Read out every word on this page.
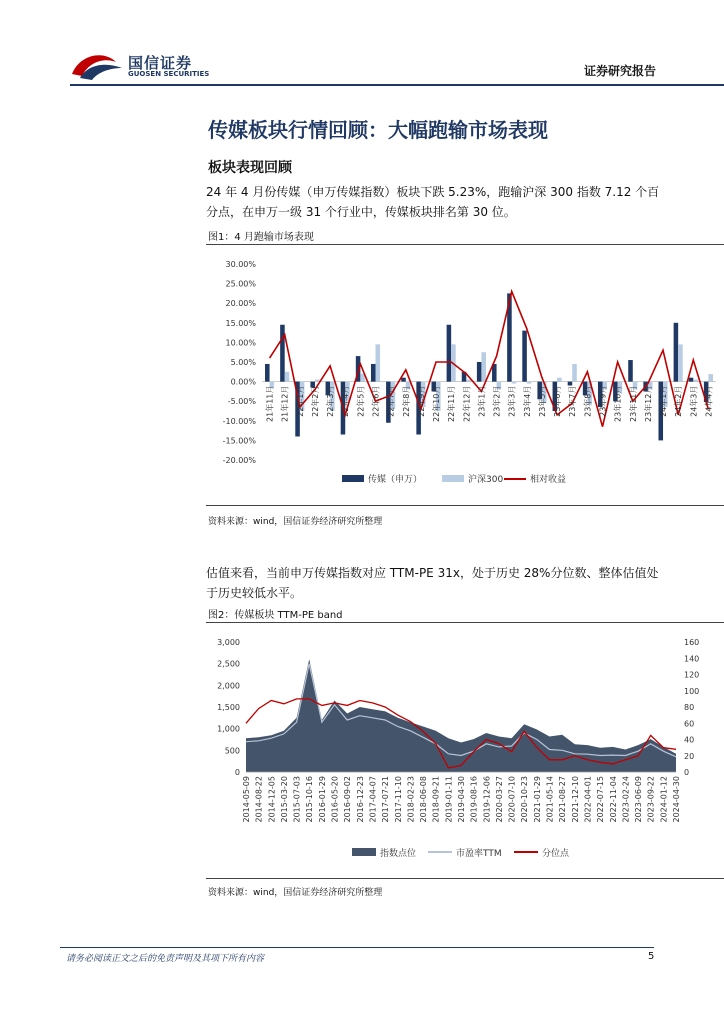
国信证券
GUOSEN SECURITIES	证券研究报告
传媒板块行情回顾：大幅跑输市场表现
板块表现回顾
24 年 4 月份传媒（申万传媒指数）板块下跌 5.23%，跑输沪深 300 指数 7.12 个百分点，在申万一级 31 个行业中，传媒板块排名第 30 位。
图1：4 月跑输市场表现
30.00%
25.00%
20.00%
15.00%
10.00%
5.00%
0.00%
-5.00%
-10.00%
-15.00%
-20.00%
21年11月 21年12月 22年1月 22年2月 22年3月 22年4月 22年5月 22年6月 22年7月 22年8月 22年9月 22年10月 22年11月 22年12月 23年1月 23年2月 23年3月 23年4月 23年5月 23年6月 23年7月 23年8月 23年9月 23年10月 23年11月 23年12月 24年1月 24年2月 24年3月 24年4月
传媒（申万）	沪深300	相对收益
资料来源：wind，国信证券经济研究所整理
估值来看，当前申万传媒指数对应 TTM-PE 31x，处于历史 28%分位数、整体估值处于历史较低水平。
图2：传媒板块 TTM-PE band
3,000
2,500
2,000
1,500
1,000
500
0
160
140
120
100
80
60
40
20
0
2014-05-09 2014-08-22 2014-12-05 2015-03-20 2015-07-03 2015-10-16 2016-01-29 2016-05-20 2016-09-02 2016-12-23 2017-04-07 2017-07-21 2017-11-10 2018-02-23 2018-06-08 2018-09-21 2019-01-11 2019-04-30 2019-08-16 2019-12-06 2020-03-27 2020-07-10 2020-10-23 2021-01-29 2021-05-14 2021-08-27 2021-12-10 2022-04-01 2022-07-15 2022-11-04 2023-02-24 2023-06-09 2023-09-22 2024-01-12 2024-04-30
指数点位	市盈率TTM	分位点
资料来源：wind，国信证券经济研究所整理
请务必阅读正文之后的免责声明及其项下所有内容	5
